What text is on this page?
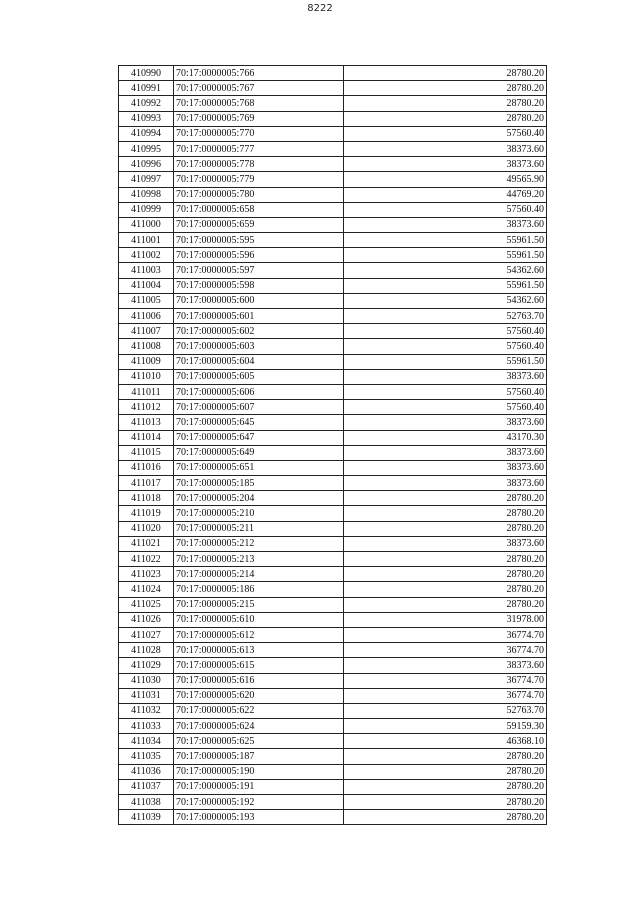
8222
410990	70:17:0000005:766	28780.20
410991	70:17:0000005:767	28780.20
410992	70:17:0000005:768	28780.20
410993	70:17:0000005:769	28780.20
410994	70:17:0000005:770	57560.40
410995	70:17:0000005:777	38373.60
410996	70:17:0000005:778	38373.60
410997	70:17:0000005:779	49565.90
410998	70:17:0000005:780	44769.20
410999	70:17:0000005:658	57560.40
411000	70:17:0000005:659	38373.60
411001	70:17:0000005:595	55961.50
411002	70:17:0000005:596	55961.50
411003	70:17:0000005:597	54362.60
411004	70:17:0000005:598	55961.50
411005	70:17:0000005:600	54362.60
411006	70:17:0000005:601	52763.70
411007	70:17:0000005:602	57560.40
411008	70:17:0000005:603	57560.40
411009	70:17:0000005:604	55961.50
411010	70:17:0000005:605	38373.60
411011	70:17:0000005:606	57560.40
411012	70:17:0000005:607	57560.40
411013	70:17:0000005:645	38373.60
411014	70:17:0000005:647	43170.30
411015	70:17:0000005:649	38373.60
411016	70:17:0000005:651	38373.60
411017	70:17:0000005:185	38373.60
411018	70:17:0000005:204	28780.20
411019	70:17:0000005:210	28780.20
411020	70:17:0000005:211	28780.20
411021	70:17:0000005:212	38373.60
411022	70:17:0000005:213	28780.20
411023	70:17:0000005:214	28780.20
411024	70:17:0000005:186	28780.20
411025	70:17:0000005:215	28780.20
411026	70:17:0000005:610	31978.00
411027	70:17:0000005:612	36774.70
411028	70:17:0000005:613	36774.70
411029	70:17:0000005:615	38373.60
411030	70:17:0000005:616	36774.70
411031	70:17:0000005:620	36774.70
411032	70:17:0000005:622	52763.70
411033	70:17:0000005:624	59159.30
411034	70:17:0000005:625	46368.10
411035	70:17:0000005:187	28780.20
411036	70:17:0000005:190	28780.20
411037	70:17:0000005:191	28780.20
411038	70:17:0000005:192	28780.20
411039	70:17:0000005:193	28780.20
